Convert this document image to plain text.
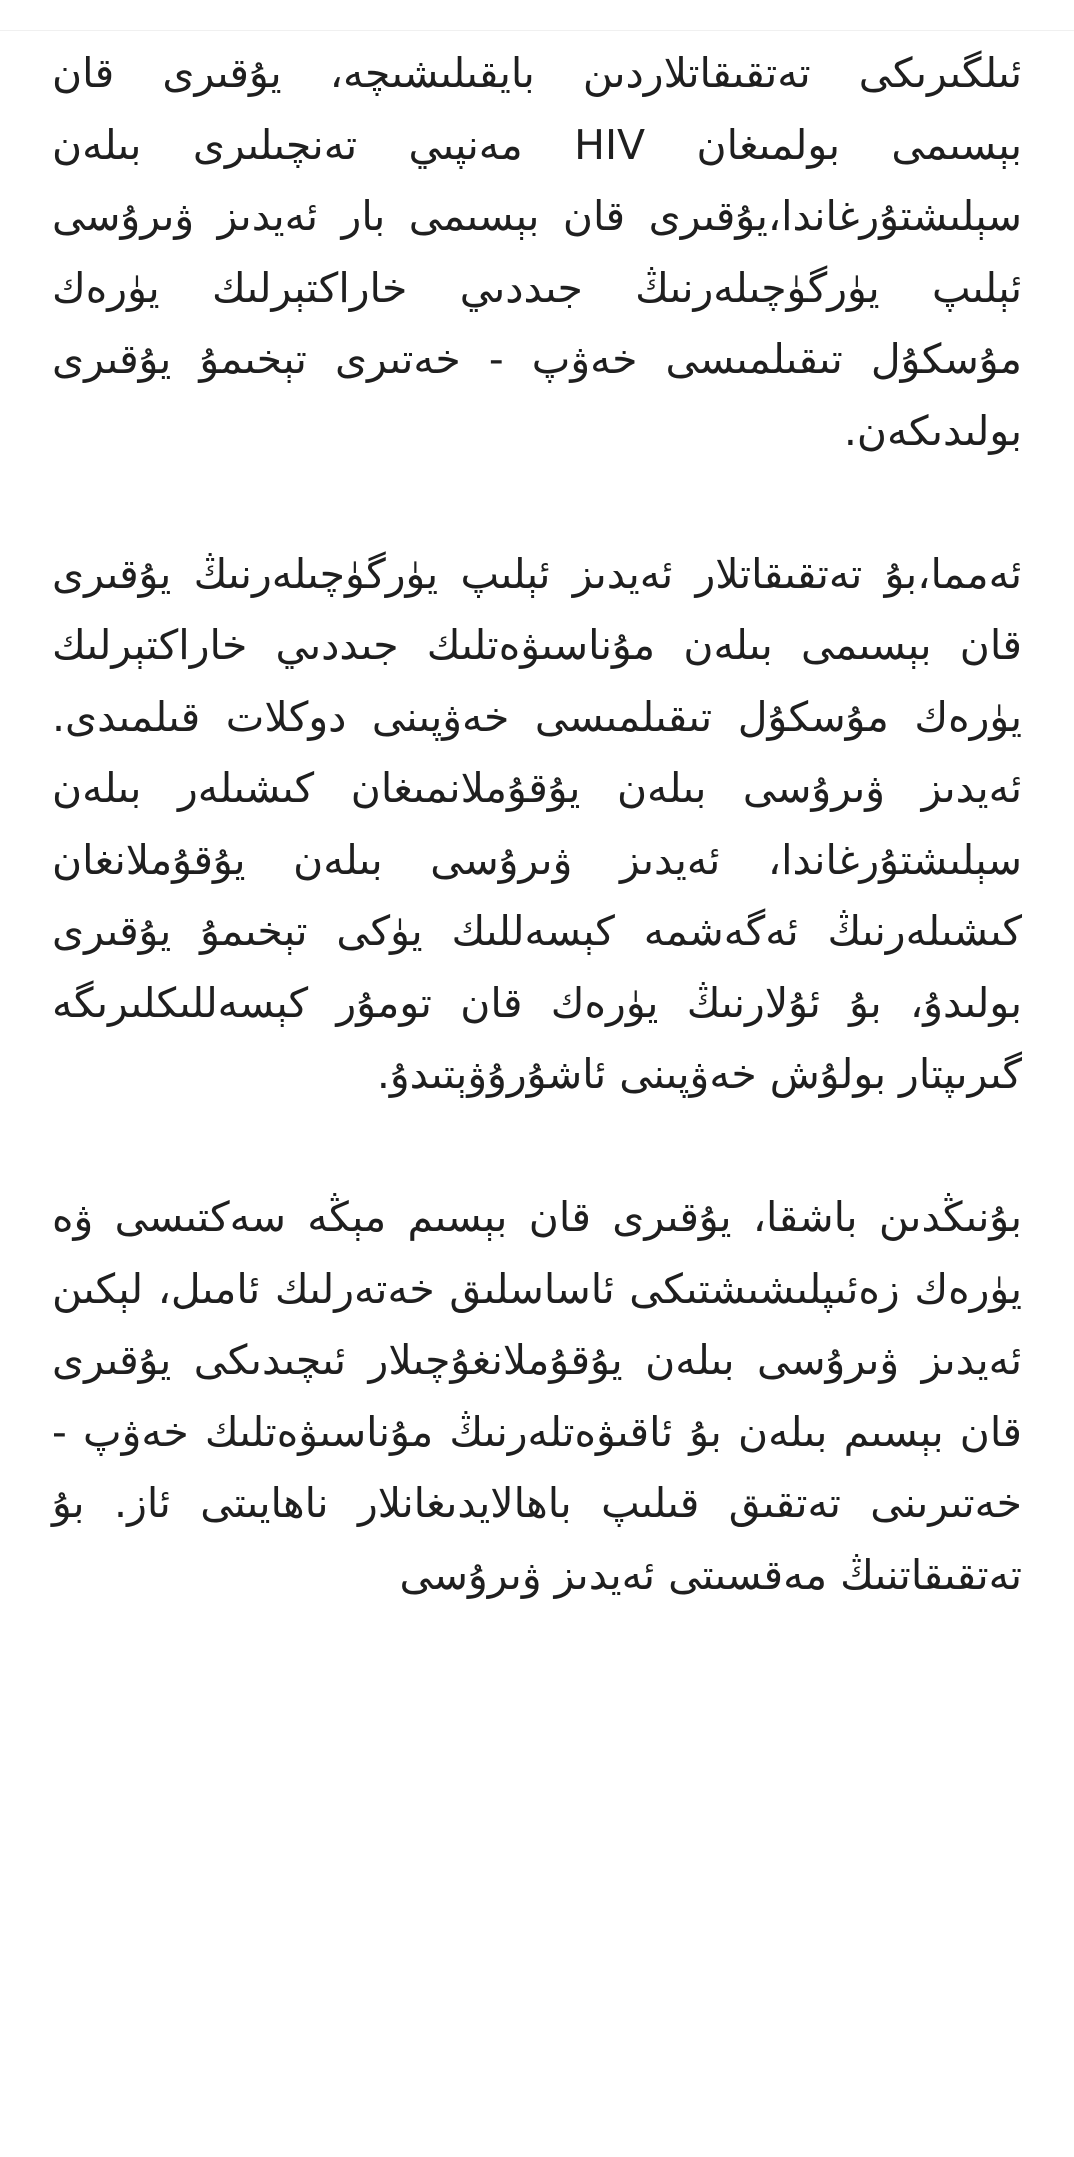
ئىلگىرىكى تەتقىقاتلاردىن بايقىلىشىچە، يۇقىرى قان بېسىمى بولمىغان HIV مەنپىي تەنچىلىرى بىلەن سېلىشتۇرغاندا،يۇقىرى قان بېسىمى بار ئەيدىز ۋىرۇسى ئېلىپ يۈرگۈچىلەرنىڭ جىددىي خاراكتېرلىك يۈرەك مۇسكۇل تىقىلمىسى خەۋپ - خەتىرى تېخىمۇ يۇقىرى بولىدىكەن.

ئەمما،بۇ تەتقىقاتلار ئەيدىز ئېلىپ يۈرگۈچىلەرنىڭ يۇقىرى قان بېسىمى بىلەن مۇناسىۋەتلىك جىددىي خاراكتېرلىك يۈرەك مۇسكۇل تىقىلمىسى خەۋپىنى دوكلات قىلمىدى. ئەيدىز ۋىرۇسى بىلەن يۇقۇملانمىغان كىشىلەر بىلەن سېلىشتۇرغاندا، ئەيدىز ۋىرۇسى بىلەن يۇقۇملانغان كىشىلەرنىڭ ئەگەشمە كېسەللىك يۈكى تېخىمۇ يۇقىرى بولىدۇ، بۇ ئۇلارنىڭ يۈرەك قان تومۇر كېسەللىكلىرىگە گىرىپتار بولۇش خەۋپىنى ئاشۇرۇۋېتىدۇ.

بۇنىڭدىن باشقا، يۇقىرى قان بېسىم مېڭە سەكتىسى ۋە يۈرەك زەئىپلىشىشتىكى ئاساسلىق خەتەرلىك ئامىل، لېكىن ئەيدىز ۋىرۇسى بىلەن يۇقۇملانغۇچىلار ئىچىدىكى يۇقىرى قان بېسىم بىلەن بۇ ئاقىۋەتلەرنىڭ مۇناسىۋەتلىك خەۋپ - خەتىرىنى تەتقىق قىلىپ باھالايدىغانلار ناھايىتى ئاز. بۇ تەتقىقاتنىڭ مەقسىتى ئەيدىز ۋىرۇسى
